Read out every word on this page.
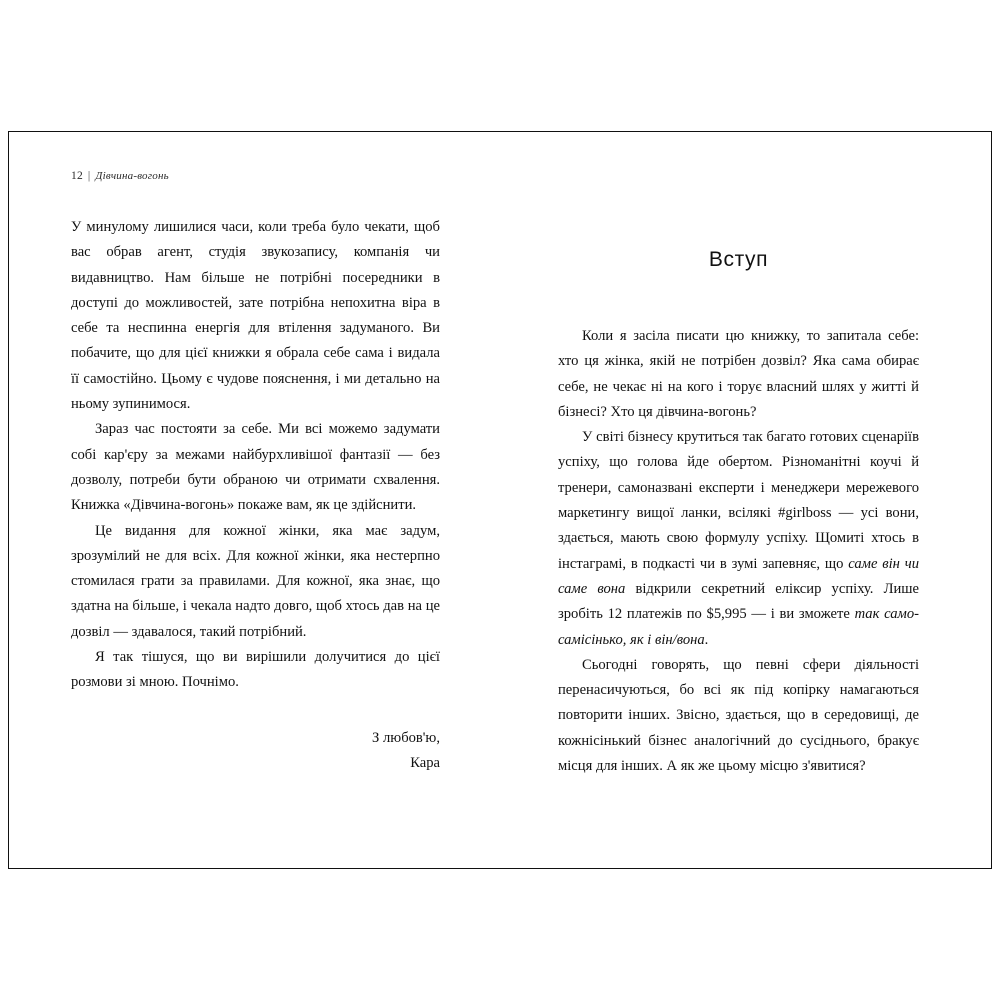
12 | Дівчина-вогонь

У минулому лишилися часи, коли треба було чекати, щоб вас обрав агент, студія звукозапису, компанія чи видавництво. Нам більше не потрібні посередники в доступі до можливостей, зате потрібна непохитна віра в себе та неспинна енергія для втілення задуманого. Ви побачите, що для цієї книжки я обрала себе сама і видала її самостійно. Цьому є чудове пояснення, і ми детально на ньому зупинимося.

Зараз час постояти за себе. Ми всі можемо задумати собі кар'єру за межами найбурхливішої фантазії — без дозволу, потреби бути обраною чи отримати схвалення. Книжка «Дівчина-вогонь» покаже вам, як це здійснити.

Це видання для кожної жінки, яка має задум, зрозумілий не для всіх. Для кожної жінки, яка нестерпно стомилася грати за правилами. Для кожної, яка знає, що здатна на більше, і чекала надто довго, щоб хтось дав на це дозвіл — здавалося, такий потрібний.

Я так тішуся, що ви вирішили долучитися до цієї розмови зі мною. Почнімо.

З любов'ю,
Кара
Вступ

Коли я засіла писати цю книжку, то запитала себе: хто ця жінка, якій не потрібен дозвіл? Яка сама обирає себе, не чекає ні на кого і торує власний шлях у житті й бізнесі? Хто ця дівчина-вогонь?

У світі бізнесу крутиться так багато готових сценаріїв успіху, що голова йде обертом. Різноманітні коучі й тренери, самоназвані експерти і менеджери мережевого маркетингу вищої ланки, всілякі #girlboss — усі вони, здається, мають свою формулу успіху. Щомиті хтось в інстаграмі, в подкасті чи в зумі запевняє, що саме він чи саме вона відкрили секретний еліксир успіху. Лише зробіть 12 платежів по $5,995 — і ви зможете так само-самісінько, як і він/вона.

Сьогодні говорять, що певні сфери діяльності перенасичуються, бо всі як під копірку намагаються повторити інших. Звісно, здається, що в середовищі, де кожнісінький бізнес аналогічний до сусіднього, бракує місця для інших. А як же цьому місцю з'явитися?
